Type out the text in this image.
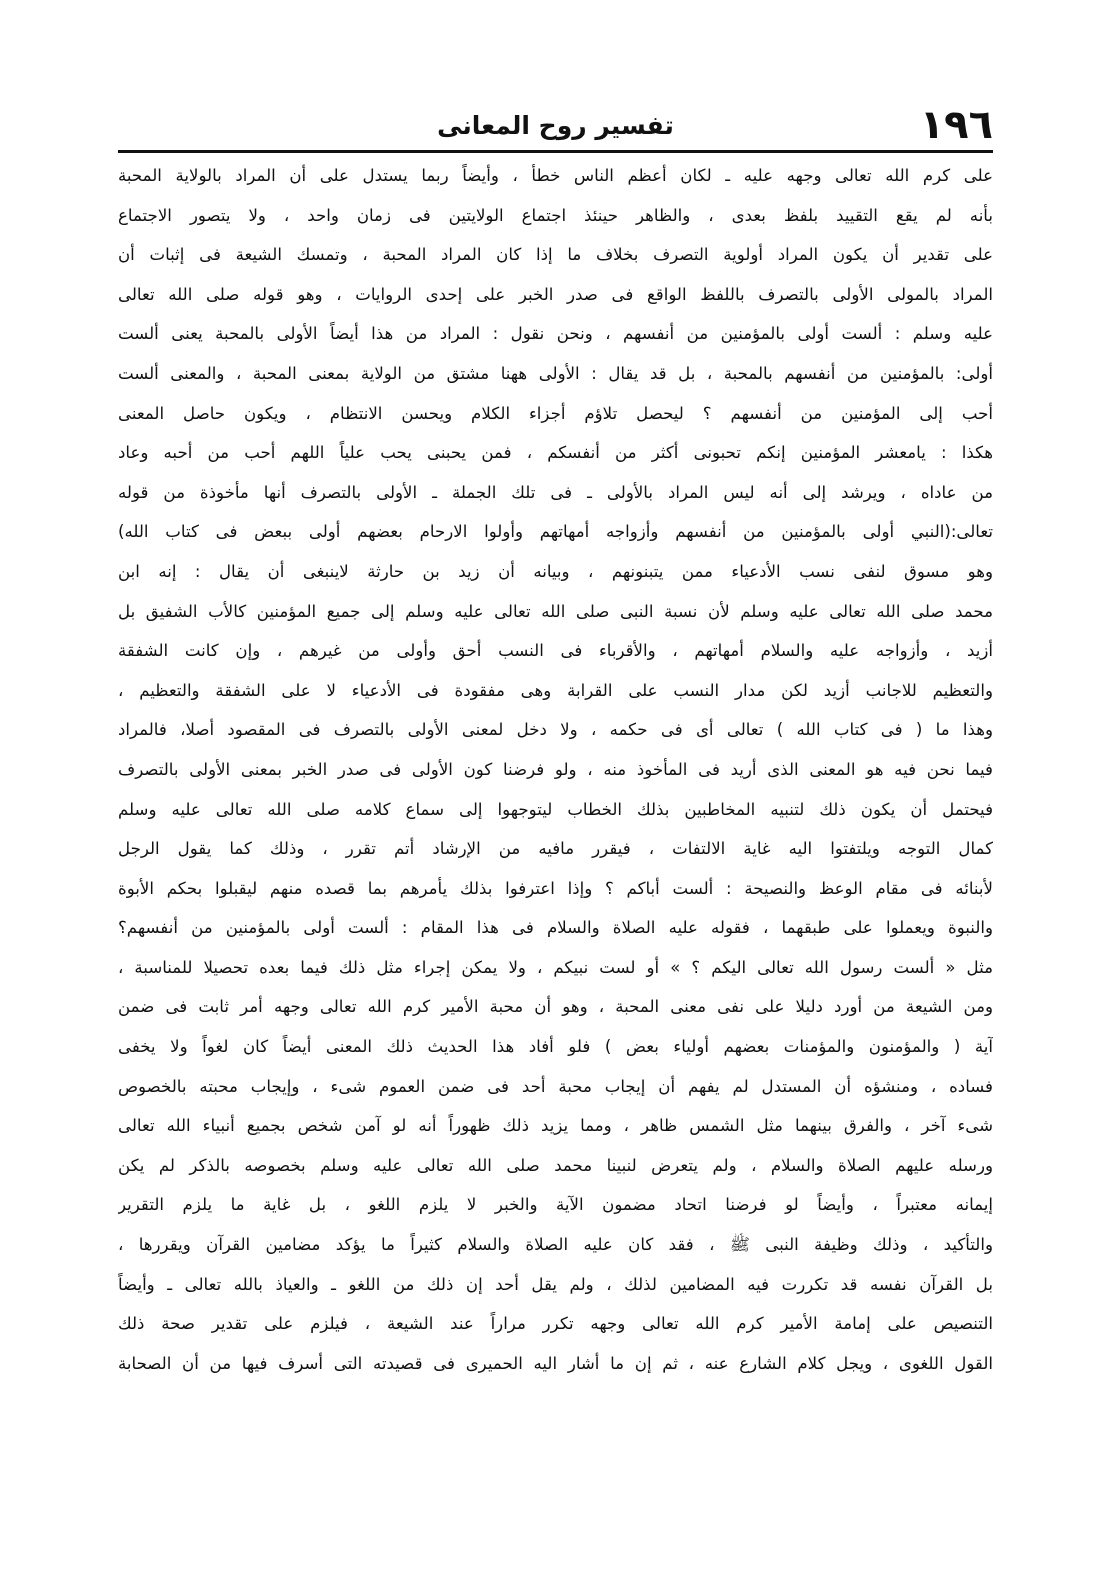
١٩٦
تفسير روح المعانى
على كرم الله تعالى وجهه عليه ـ لكان أعظم الناس خطأ ، وأيضاً ربما يستدل على أن المراد بالولاية المحبة
بأنه لم يقع التقييد بلفظ بعدى ، والظاهر حينئذ اجتماع الولايتين فى زمان واحد ، ولا يتصور الاجتماع
على تقدير أن يكون المراد أولوية التصرف بخلاف ما إذا كان المراد المحبة ، وتمسك الشيعة فى إثبات أن
المراد بالمولى الأولى بالتصرف باللفظ الواقع فى صدر الخبر على إحدى الروايات ، وهو قوله صلى الله تعالى
عليه وسلم : ألست أولى بالمؤمنين من أنفسهم ، ونحن نقول : المراد من هذا أيضاً الأولى بالمحبة يعنى ألست
أولى: بالمؤمنين من أنفسهم بالمحبة ، بل قد يقال : الأولى ههنا مشتق من الولاية بمعنى المحبة ، والمعنى ألست
أحب إلى المؤمنين من أنفسهم ؟ ليحصل تلاؤم أجزاء الكلام ويحسن الانتظام ، ويكون حاصل المعنى
هكذا : يامعشر المؤمنين إنكم تحبونى أكثر من أنفسكم ، فمن يحبنى يحب علياً اللهم أحب من أحبه وعاد
من عاداه ، ويرشد إلى أنه ليس المراد بالأولى ـ فى تلك الجملة ـ الأولى بالتصرف أنها مأخوذة من قوله
تعالى:(النبي أولى بالمؤمنين من أنفسهم وأزواجه أمهاتهم وأولوا الارحام بعضهم أولى ببعض فى كتاب الله)
وهو مسوق لنفى نسب الأدعياء ممن يتبنونهم ، وبيانه أن زيد بن حارثة لاينبغى أن يقال : إنه ابن
محمد صلى الله تعالى عليه وسلم لأن نسبة النبى صلى الله تعالى عليه وسلم إلى جميع المؤمنين كالأب الشفيق بل
أزيد ، وأزواجه عليه والسلام أمهاتهم ، والأقرباء فى النسب أحق وأولى من غيرهم ، وإن كانت الشفقة
والتعظيم للاجانب أزيد لكن مدار النسب على القرابة وهى مفقودة فى الأدعياء لا على الشفقة والتعظيم ،
وهذا ما ( فى كتاب الله ) تعالى أى فى حكمه ، ولا دخل لمعنى الأولى بالتصرف فى المقصود أصلا، فالمراد
فيما نحن فيه هو المعنى الذى أريد فى المأخوذ منه ، ولو فرضنا كون الأولى فى صدر الخبر بمعنى الأولى بالتصرف
فيحتمل أن يكون ذلك لتنبيه المخاطبين بذلك الخطاب ليتوجهوا إلى سماع كلامه صلى الله تعالى عليه وسلم
كمال التوجه ويلتفتوا اليه غاية الالتفات ، فيقرر مافيه من الإرشاد أتم تقرر ، وذلك كما يقول الرجل
لأبنائه فى مقام الوعظ والنصيحة : ألست أباكم ؟ وإذا اعترفوا بذلك يأمرهم بما قصده منهم ليقبلوا بحكم الأبوة
والنبوة ويعملوا على طبقهما ، فقوله عليه الصلاة والسلام فى هذا المقام : ألست أولى بالمؤمنين من أنفسهم؟
مثل « ألست رسول الله تعالى اليكم ؟ » أو لست نبيكم ، ولا يمكن إجراء مثل ذلك فيما بعده تحصيلا للمناسبة ،
ومن الشيعة من أورد دليلا على نفى معنى المحبة ، وهو أن محبة الأمير كرم الله تعالى وجهه أمر ثابت فى ضمن
آية ( والمؤمنون والمؤمنات بعضهم أولياء بعض ) فلو أفاد هذا الحديث ذلك المعنى أيضاً كان لغواً ولا يخفى
فساده ، ومنشؤه أن المستدل لم يفهم أن إيجاب محبة أحد فى ضمن العموم شىء ، وإيجاب محبته بالخصوص
شىء آخر ، والفرق بينهما مثل الشمس ظاهر ، ومما يزيد ذلك ظهوراً أنه لو آمن شخص بجميع أنبياء الله تعالى
ورسله عليهم الصلاة والسلام ، ولم يتعرض لنبينا محمد صلى الله تعالى عليه وسلم بخصوصه بالذكر لم يكن
إيمانه معتبراً ، وأيضاً لو فرضنا اتحاد مضمون الآية والخبر لا يلزم اللغو ، بل غاية ما يلزم التقرير
والتأكيد ، وذلك وظيفة النبى ﷺ ، فقد كان عليه الصلاة والسلام كثيراً ما يؤكد مضامين القرآن ويقررها ،
بل القرآن نفسه قد تكررت فيه المضامين لذلك ، ولم يقل أحد إن ذلك من اللغو ـ والعياذ بالله تعالى ـ وأيضاً
التنصيص على إمامة الأمير كرم الله تعالى وجهه تكرر مراراً عند الشيعة ، فيلزم على تقدير صحة ذلك
القول اللغوى ، ويجل كلام الشارع عنه ، ثم إن ما أشار اليه الحميرى فى قصيدته التى أسرف فيها من أن الصحابة
